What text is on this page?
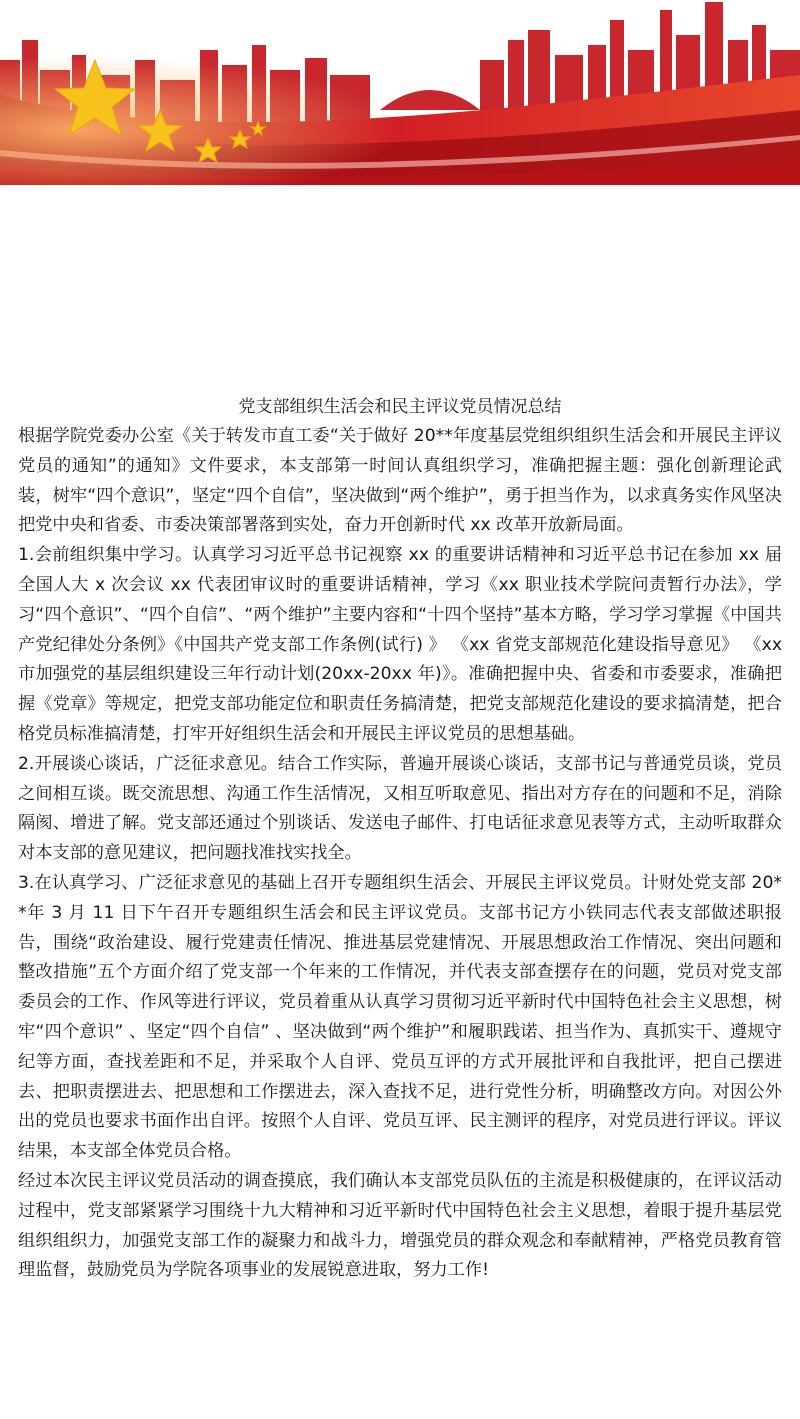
党支部组织生活会和民主评议党员情况总结

根据学院党委办公室《关于转发市直工委“关于做好 20**年度基层党组织组织生活会和开展民主评议党员的通知”的通知》文件要求，本支部第一时间认真组织学习，准确把握主题：强化创新理论武装，树牢“四个意识”，坚定“四个自信”，坚决做到“两个维护”，勇于担当作为，以求真务实作风坚决把党中央和省委、市委决策部署落到实处，奋力开创新时代 xx 改革开放新局面。

1.会前组织集中学习。认真学习习近平总书记视察 xx 的重要讲话精神和习近平总书记在参加 xx 届全国人大 x 次会议 xx 代表团审议时的重要讲话精神，学习《xx 职业技术学院问责暂行办法》，学习“四个意识”、“四个自信”、“两个维护”主要内容和“十四个坚持”基本方略，学习学习掌握《中国共产党纪律处分条例》《中国共产党支部工作条例(试行) 》 《xx 省党支部规范化建设指导意见》 《xx 市加强党的基层组织建设三年行动计划(20xx-20xx 年)》。准确把握中央、省委和市委要求，准确把握《党章》等规定，把党支部功能定位和职责任务搞清楚，把党支部规范化建设的要求搞清楚，把合格党员标准搞清楚，打牢开好组织生活会和开展民主评议党员的思想基础。

2.开展谈心谈话，广泛征求意见。结合工作实际，普遍开展谈心谈话，支部书记与普通党员谈，党员之间相互谈。既交流思想、沟通工作生活情况，又相互听取意见、指出对方存在的问题和不足，消除隔阂、增进了解。党支部还通过个别谈话、发送电子邮件、打电话征求意见表等方式，主动听取群众对本支部的意见建议，把问题找准找实找全。

3.在认真学习、广泛征求意见的基础上召开专题组织生活会、开展民主评议党员。计财处党支部 20**年 3 月 11 日下午召开专题组织生活会和民主评议党员。支部书记方小铁同志代表支部做述职报告，围绕“政治建设、履行党建责任情况、推进基层党建情况、开展思想政治工作情况、突出问题和整改措施”五个方面介绍了党支部一个年来的工作情况，并代表支部查摆存在的问题，党员对党支部委员会的工作、作风等进行评议，党员着重从认真学习贯彻习近平新时代中国特色社会主义思想，树牢“四个意识” 、坚定“四个自信” 、坚决做到“两个维护”和履职践诺、担当作为、真抓实干、遵规守纪等方面，查找差距和不足，并采取个人自评、党员互评的方式开展批评和自我批评，把自己摆进去、把职责摆进去、把思想和工作摆进去，深入查找不足，进行党性分析，明确整改方向。对因公外出的党员也要求书面作出自评。按照个人自评、党员互评、民主测评的程序，对党员进行评议。评议结果，本支部全体党员合格。

经过本次民主评议党员活动的调查摸底，我们确认本支部党员队伍的主流是积极健康的，在评议活动过程中，党支部紧紧学习围绕十九大精神和习近平新时代中国特色社会主义思想，着眼于提升基层党组织组织力，加强党支部工作的凝聚力和战斗力，增强党员的群众观念和奉献精神，严格党员教育管理监督，鼓励党员为学院各项事业的发展锐意进取，努力工作!
